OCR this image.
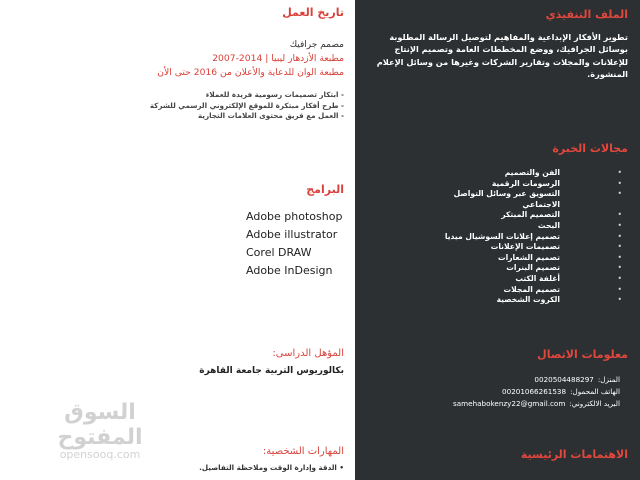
تاريخ العمل
مصمم جرافيك
مطبعة الأزدهار ليبيا | 2014-2007
مطبعة الوان للدعاية والأعلان من 2016 حتى الأن
- ابتكار تصميمات رسومية فريدة للعملاء
- طرح أفكار مبتكرة للموقع الإلكتروني الرسمي للشركة
- العمل مع فريق محتوى العلامات التجارية
البرامج
Adobe photoshop
Adobe illustrator
Corel DRAW
Adobe InDesign
المؤهل الدراسى:
بكالوريوس التربية جامعة القاهرة
المهارات الشخصية:
• الدقة وإدارة الوقت وملاحظة التفاصيل.
السوق المفتوح
opensooq.com
الملف التنفيذي
تطوير الأفكار الإبداعية والمفاهيم لتوصيل الرسالة المطلوبة بوسائل الجرافيك، ووضع المخططات العامة وتصميم الإنتاج للإعلانات والمجلات وتقارير الشركات وغيرها من وسائل الإعلام المنشورة.
مجالات الخبرة
• الفن والتصميم
• الرسومات الرقمية
• التسويق عبر وسائل التواصل الاجتماعي
• التصميم المبتكر
• البحث
• تصميم إعلانات السوشيال ميديا
• تصميمات الإعلانات
• تصميم الشعارات
• تصميم البنرات
• أغلفة الكتب
• تصميم المجلات
• الكروت الشخصية
معلومات الاتصال
المنزل:
0020504488297
الهاتف المحمول:
00201066261538
البريد الالكتروني:
samehabokenzy22@gmail.com
الاهتمامات الرئيسية
